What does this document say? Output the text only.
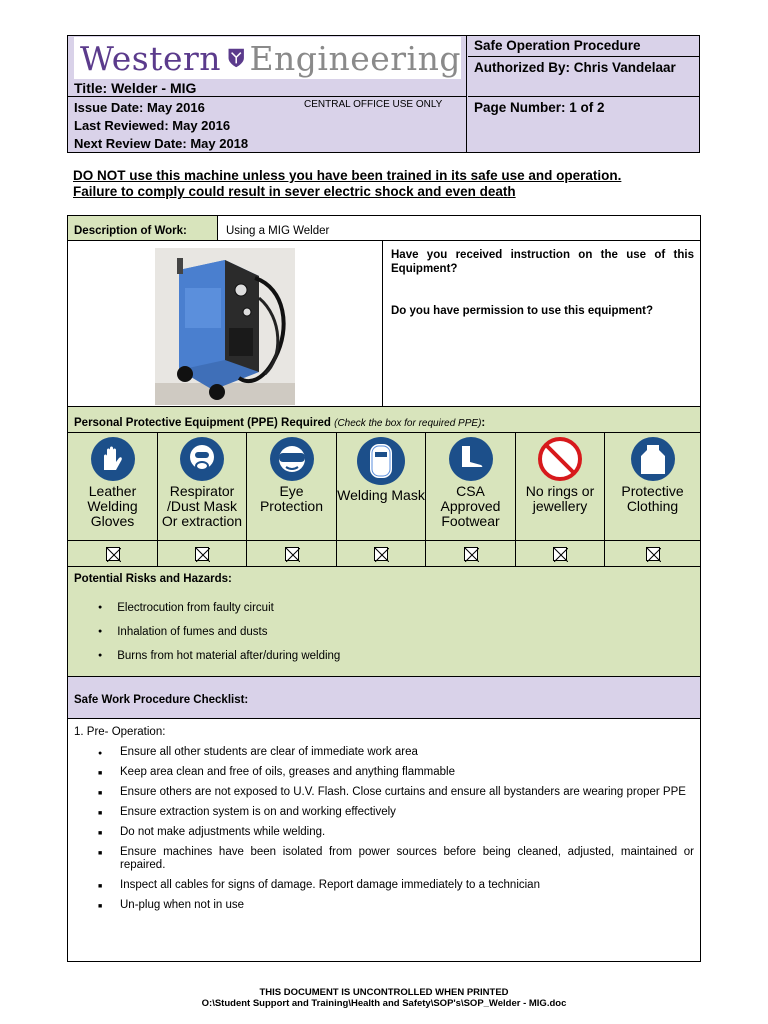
Western Engineering
Title: Welder - MIG
Issue Date: May 2016
Last Reviewed: May 2016
Next Review Date: May 2018
CENTRAL OFFICE USE ONLY
Safe Operation Procedure
Authorized By: Chris Vandelaar
Page Number: 1 of 2
DO NOT use this machine unless you have been trained in its safe use and operation.
Failure to comply could result in sever electric shock and even death
Description of Work:	Using a MIG Welder
Have you received instruction on the use of this Equipment?
Do you have permission to use this equipment?
Personal Protective Equipment (PPE) Required (Check the box for required PPE):
Leather Welding Gloves
Respirator /Dust Mask Or extraction
Eye Protection
Welding Mask	CSA Approved Footwear
No rings or jewellery
Protective Clothing
Potential Risks and Hazards:
● Electrocution from faulty circuit
● Inhalation of fumes and dusts
● Burns from hot material after/during welding
Safe Work Procedure Checklist:
1. Pre- Operation:
● Ensure all other students are clear of immediate work area
■ Keep area clean and free of oils, greases and anything flammable
■ Ensure others are not exposed to U.V. Flash. Close curtains and ensure all bystanders are wearing proper PPE
■ Ensure extraction system is on and working effectively
■ Do not make adjustments while welding.
■ Ensure machines have been isolated from power sources before being cleaned, adjusted, maintained or repaired.
■ Inspect all cables for signs of damage. Report damage immediately to a technician
■ Un-plug when not in use
THIS DOCUMENT IS UNCONTROLLED WHEN PRINTED
O:\Student Support and Training\Health and Safety\SOP's\SOP_Welder - MIG.doc
